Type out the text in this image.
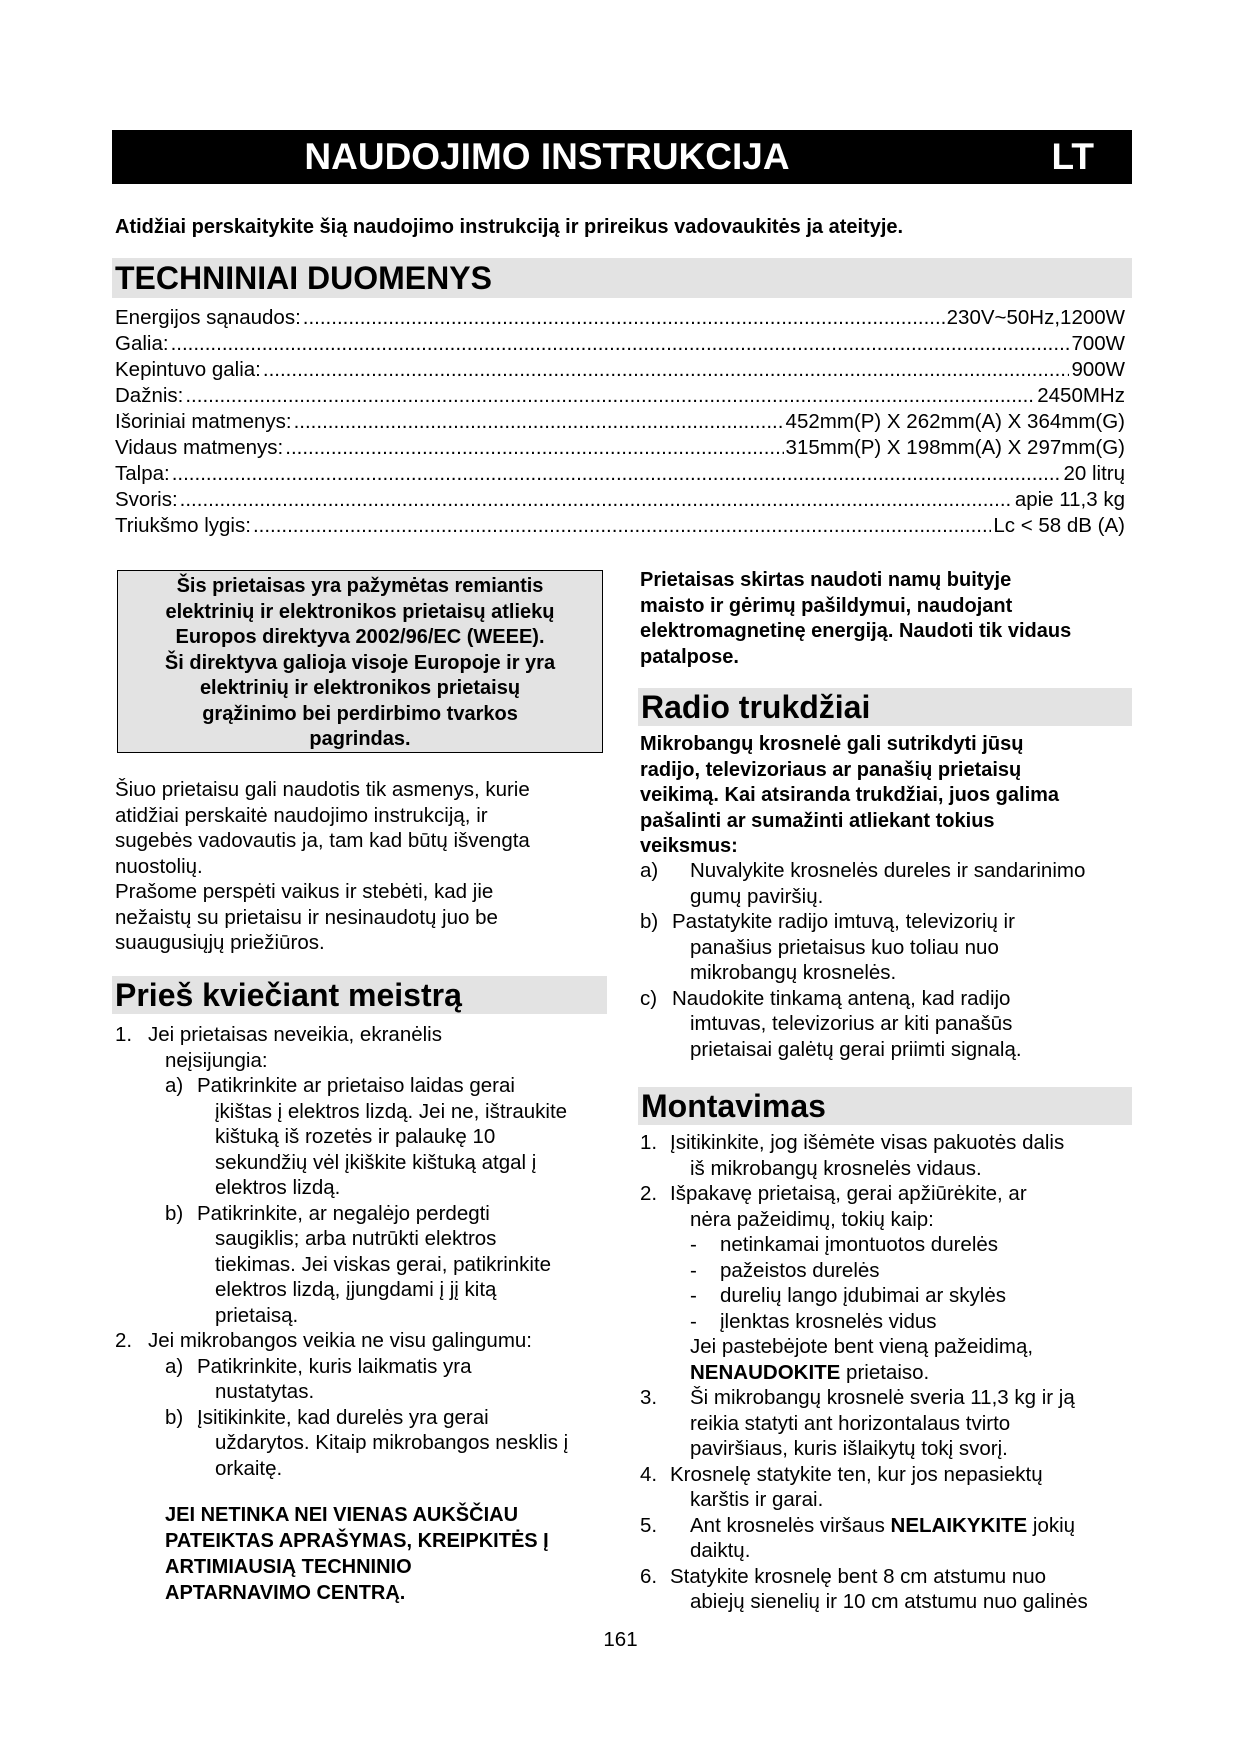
NAUDOJIMO INSTRUKCIJA	LT
Atidžiai perskaitykite šią naudojimo instrukciją ir prireikus vadovaukitės ja ateityje.
TECHNINIAI DUOMENYS
Energijos sąnaudos: .....	230V~50Hz,1200W
Galia: .....	700W
Kepintuvo galia: .....	900W
Dažnis: .....	2450MHz
Išoriniai matmenys: .....	452mm(P) X 262mm(A) X 364mm(G)
Vidaus matmenys: .....	315mm(P) X 198mm(A) X 297mm(G)
Talpa: .....	20 litrų
Svoris: .....	apie 11,3 kg
Triukšmo lygis: .....	Lc < 58 dB (A)
Šis prietaisas yra pažymėtas remiantis
elektrinių ir elektronikos prietaisų atliekų
Europos direktyva 2002/96/EC (WEEE).
Ši direktyva galioja visoje Europoje ir yra
elektrinių ir elektronikos prietaisų
grąžinimo bei perdirbimo tvarkos
pagrindas.
Šiuo prietaisu gali naudotis tik asmenys, kurie
atidžiai perskaitė naudojimo instrukciją, ir
sugebės vadovautis ja, tam kad būtų išvengta
nuostolių.
Prašome perspėti vaikus ir stebėti, kad jie
nežaistų su prietaisu ir nesinaudotų juo be
suaugusiųjų priežiūros.
Prieš kviečiant meistrą
1. Jei prietaisas neveikia, ekranėlis
neįsijungia:
a) Patikrinkite ar prietaiso laidas gerai
įkištas į elektros lizdą. Jei ne, ištraukite
kištuką iš rozetės ir palaukę 10
sekundžių vėl įkiškite kištuką atgal į
elektros lizdą.
b) Patikrinkite, ar negalėjo perdegti
saugiklis; arba nutrūkti elektros
tiekimas. Jei viskas gerai, patikrinkite
elektros lizdą, įjungdami į jį kitą
prietaisą.
2. Jei mikrobangos veikia ne visu galingumu:
a) Patikrinkite, kuris laikmatis yra
nustatytas.
b) Įsitikinkite, kad durelės yra gerai
uždarytos. Kitaip mikrobangos nesklis į
orkaitę.
JEI NETINKA NEI VIENAS AUKŠČIAU
PATEIKTAS APRAŠYMAS, KREIPKITĖS Į
ARTIMIAUSIĄ TECHNINIO
APTARNAVIMO CENTRĄ.
Prietaisas skirtas naudoti namų buityje
maisto ir gėrimų pašildymui, naudojant
elektromagnetinę energiją. Naudoti tik vidaus
patalpose.
Radio trukdžiai
Mikrobangų krosnelė gali sutrikdyti jūsų
radijo, televizoriaus ar panašių prietaisų
veikimą. Kai atsiranda trukdžiai, juos galima
pašalinti ar sumažinti atliekant tokius
veiksmus:
a) Nuvalykite krosnelės dureles ir sandarinimo
gumų paviršių.
b) Pastatykite radijo imtuvą, televizorių ir
panašius prietaisus kuo toliau nuo
mikrobangų krosnelės.
c) Naudokite tinkamą anteną, kad radijo
imtuvas, televizorius ar kiti panašūs
prietaisai galėtų gerai priimti signalą.
Montavimas
1. Įsitikinkite, jog išėmėte visas pakuotės dalis
iš mikrobangų krosnelės vidaus.
2. Išpakavę prietaisą, gerai apžiūrėkite, ar
nėra pažeidimų, tokių kaip:
- netinkamai įmontuotos durelės
- pažeistos durelės
- durelių lango įdubimai ar skylės
- įlenktas krosnelės vidus
Jei pastebėjote bent vieną pažeidimą,
NENAUDOKITE prietaiso.
3. Ši mikrobangų krosnelė sveria 11,3 kg ir ją
reikia statyti ant horizontalaus tvirto
paviršiaus, kuris išlaikytų tokį svorį.
4. Krosnelę statykite ten, kur jos nepasiektų
karštis ir garai.
5. Ant krosnelės viršaus NELAIKYKITE jokių
daiktų.
6. Statykite krosnelę bent 8 cm atstumu nuo
abiejų sienelių ir 10 cm atstumu nuo galinės
161
